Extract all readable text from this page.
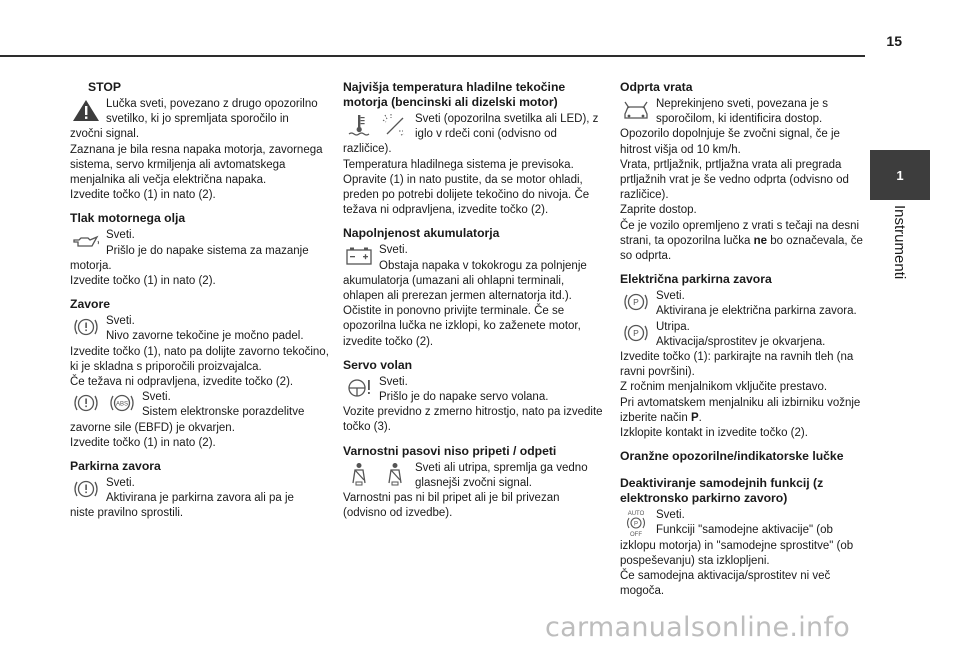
15
1
Instrumenti
STOP

Lučka sveti, povezano z drugo opozorilno svetilko, ki jo spremljata sporočilo in

zvočni signal.
Zaznana je bila resna napaka motorja, zavornega sistema, servo krmiljenja ali avtomatskega menjalnika ali večja električna napaka.
Izvedite točko (1) in nato (2).

Tlak motornega olja

Sveti.
Prišlo je do napake sistema za mazanje

motorja.
Izvedite točko (1) in nato (2).

Zavore

Sveti.
Nivo zavorne tekočine je močno padel.

Izvedite točko (1), nato pa dolijte zavorno tekočino, ki je skladna s priporočili proizvajalca.
Če težava ni odpravljena, izvedite točko (2).

ABS

Sveti.
Sistem elektronske porazdelitve

zavorne sile (EBFD) je okvarjen.
Izvedite točko (1) in nato (2).

Parkirna zavora

Sveti.
Aktivirana je parkirna zavora ali pa je

niste pravilno sprostili.

Najvišja temperatura hladilne tekočine motorja (bencinski ali dizelski motor)

Sveti (opozorilna svetilka ali LED), z iglo v rdeči coni (odvisno od

različice).
Temperatura hladilnega sistema je previsoka.
Opravite (1) in nato pustite, da se motor ohladi, preden po potrebi dolijete tekočino do nivoja. Če težava ni odpravljena, izvedite točko (2).

Napolnjenost akumulatorja

Sveti.
Obstaja napaka v tokokrogu za polnjenje

akumulatorja (umazani ali ohlapni terminali, ohlapen ali prerezan jermen alternatorja itd.).
Očistite in ponovno privijte terminale. Če se opozorilna lučka ne izklopi, ko zaženete motor, izvedite točko (2).

Servo volan

Sveti.
Prišlo je do napake servo volana.

Vozite previdno z zmerno hitrostjo, nato pa izvedite točko (3).

Varnostni pasovi niso pripeti / odpeti

Sveti ali utripa, spremlja ga vedno glasnejši zvočni signal.

Varnostni pas ni bil pripet ali je bil privezan (odvisno od izvedbe).

Odprta vrata

Neprekinjeno sveti, povezana je s sporočilom, ki identificira dostop.

Opozorilo dopolnjuje še zvočni signal, če je hitrost višja od 10 km/h.
Vrata, prtljažnik, prtljažna vrata ali pregrada prtljažnih vrat je še vedno odprta (odvisno od različice).
Zaprite dostop.

Če je vozilo opremljeno z vrati s tečaji na desni strani, ta opozorilna lučka ne bo označevala, če so odprta.

Električna parkirna zavora
P Sveti.
Aktivirana je električna parkirna zavora.

P Utripa.
Aktivacija/sprostitev je okvarjena.

Izvedite točko (1): parkirajte na ravnih tleh (na ravni površini).
Z ročnim menjalnikom vključite prestavo.

Pri avtomatskem menjalniku ali izbirniku vožnje izberite način P.

Izklopite kontakt in izvedite točko (2).

Oranžne opozorilne/indikatorske lučke
Deaktiviranje samodejnih funkcij (z elektronsko parkirno zavoro)
AUTO
P
OFF

Sveti.
Funkciji "samodejne aktivacije" (ob

izklopu motorja) in "samodejne sprostitve" (ob pospeševanju) sta izklopljeni.
Če samodejna aktivacija/sprostitev ni več mogoča.

carmanualsonline.info
